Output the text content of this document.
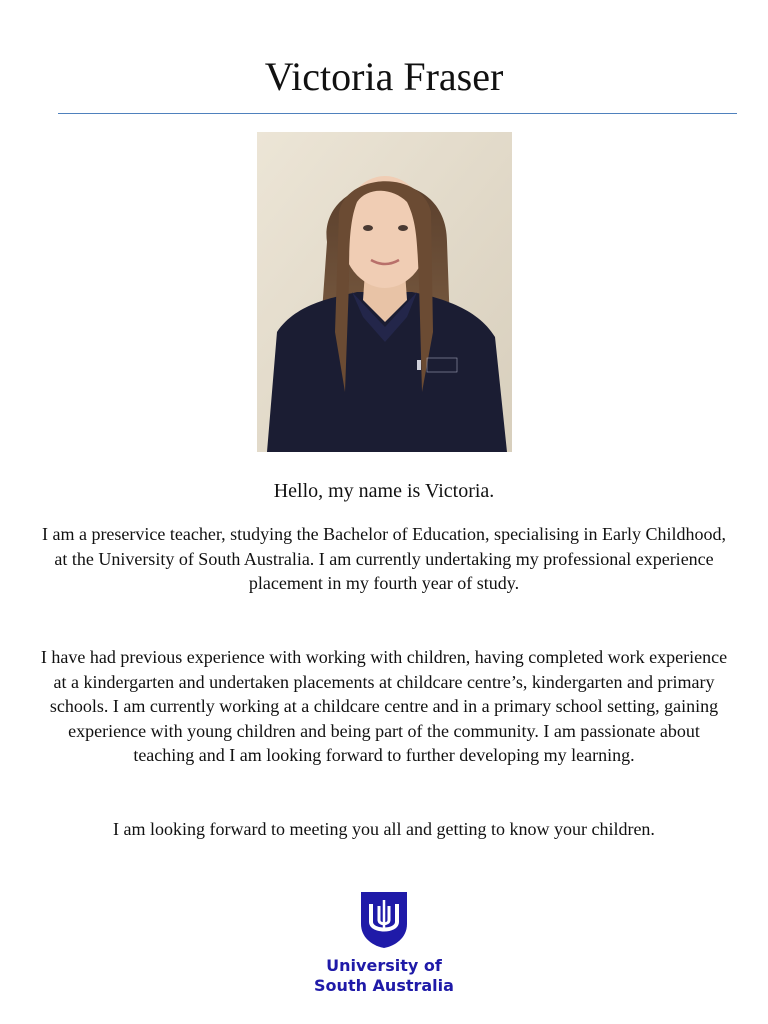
Victoria Fraser
Hello, my name is Victoria.
I am a preservice teacher, studying the Bachelor of Education, specialising in Early Childhood, at the University of South Australia. I am currently undertaking my professional experience placement in my fourth year of study.
I have had previous experience with working with children, having completed work experience at a kindergarten and undertaken placements at childcare centre’s, kindergarten and primary schools. I am currently working at a childcare centre and in a primary school setting, gaining experience with young children and being part of the community. I am passionate about teaching and I am looking forward to further developing my learning.
I am looking forward to meeting you all and getting to know your children.
University of
South Australia
